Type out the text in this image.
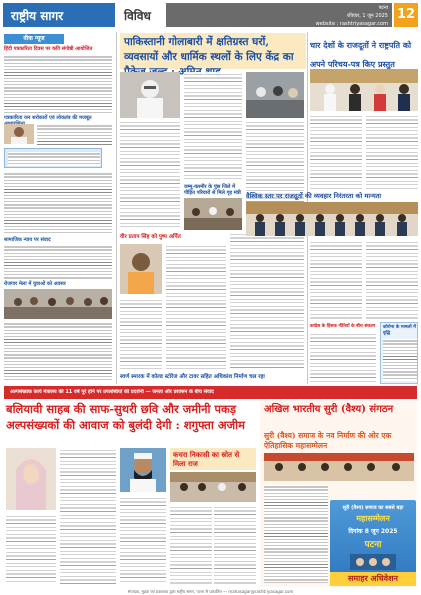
राष्ट्रीय सागर	विविध
पटना
रविवार, 1 जून 2025
website : rashtriyasagar.com
12
वीक न्यूज
हिंदी पत्रकारिता दिवस पर कवि संगोष्ठी आयोजित
पत्रकारिता जन सरोकारों एवं लोकतंत्र की मजबूत
सामाजिक न्याय पर संवाद
रोजगार मेला में युवाओं को अवसर
पाकिस्तानी गोलाबारी में क्षतिग्रस्त घरों, व्यवसायों और धार्मिक स्थलों के लिए केंद्र का
जम्मू-कश्मीर के पुंछ जिले में पीड़ित परिवारों से मिले गृह मंत्री
वीर प्रताप सिंह को पुष्प अर्पित
स्वर्ण स्मारक में कोल्ड स्टोरेज और टावर सहित अधिकांश निर्माण चल रहा
चार देशों के राजदूतों ने राष्ट्रपति को अपने परिचय-पत्र किए प्रस्तुत
वैश्विक स्तर पर राजदूतों की व्यवहार निरंतरता को मान्यता
कांग्रेस के हिंसक नीतियों के बीच संकल्प	कोरोना के मामलों में वृद्धि
अल्पसंख्यक कार्य मंत्रालय की 11 वर्ष पूरे होने पर उपलब्धियों की प्रदर्शनी — जनता और प्रशासन के बीच संवाद
बलियावी साहब की साफ-सुथरी छवि और जमीनी पकड़
अल्पसंख्यकों की आवाज को बुलंदी देगी : शगुफ्ता अजीम
कचरा निकासी का स्रोत से मिला राज
अखिल भारतीय सुरी (वैश्य) संगठन
सुरी (वैश्य) समाज के नव निर्माण की ओर एक ऐतिहासिक महासम्मेलन
सूरी (वैश्य) समाज का सबसे बड़ा
महासम्मेलन
दिनांक 8 जून 2025
पटना
समाहर अधिवेशन
संपादक, मुद्रक एवं प्रकाशक द्वारा राष्ट्रीय सागर, पटना से प्रकाशित — mahasagar@rashtriyasagar.com
